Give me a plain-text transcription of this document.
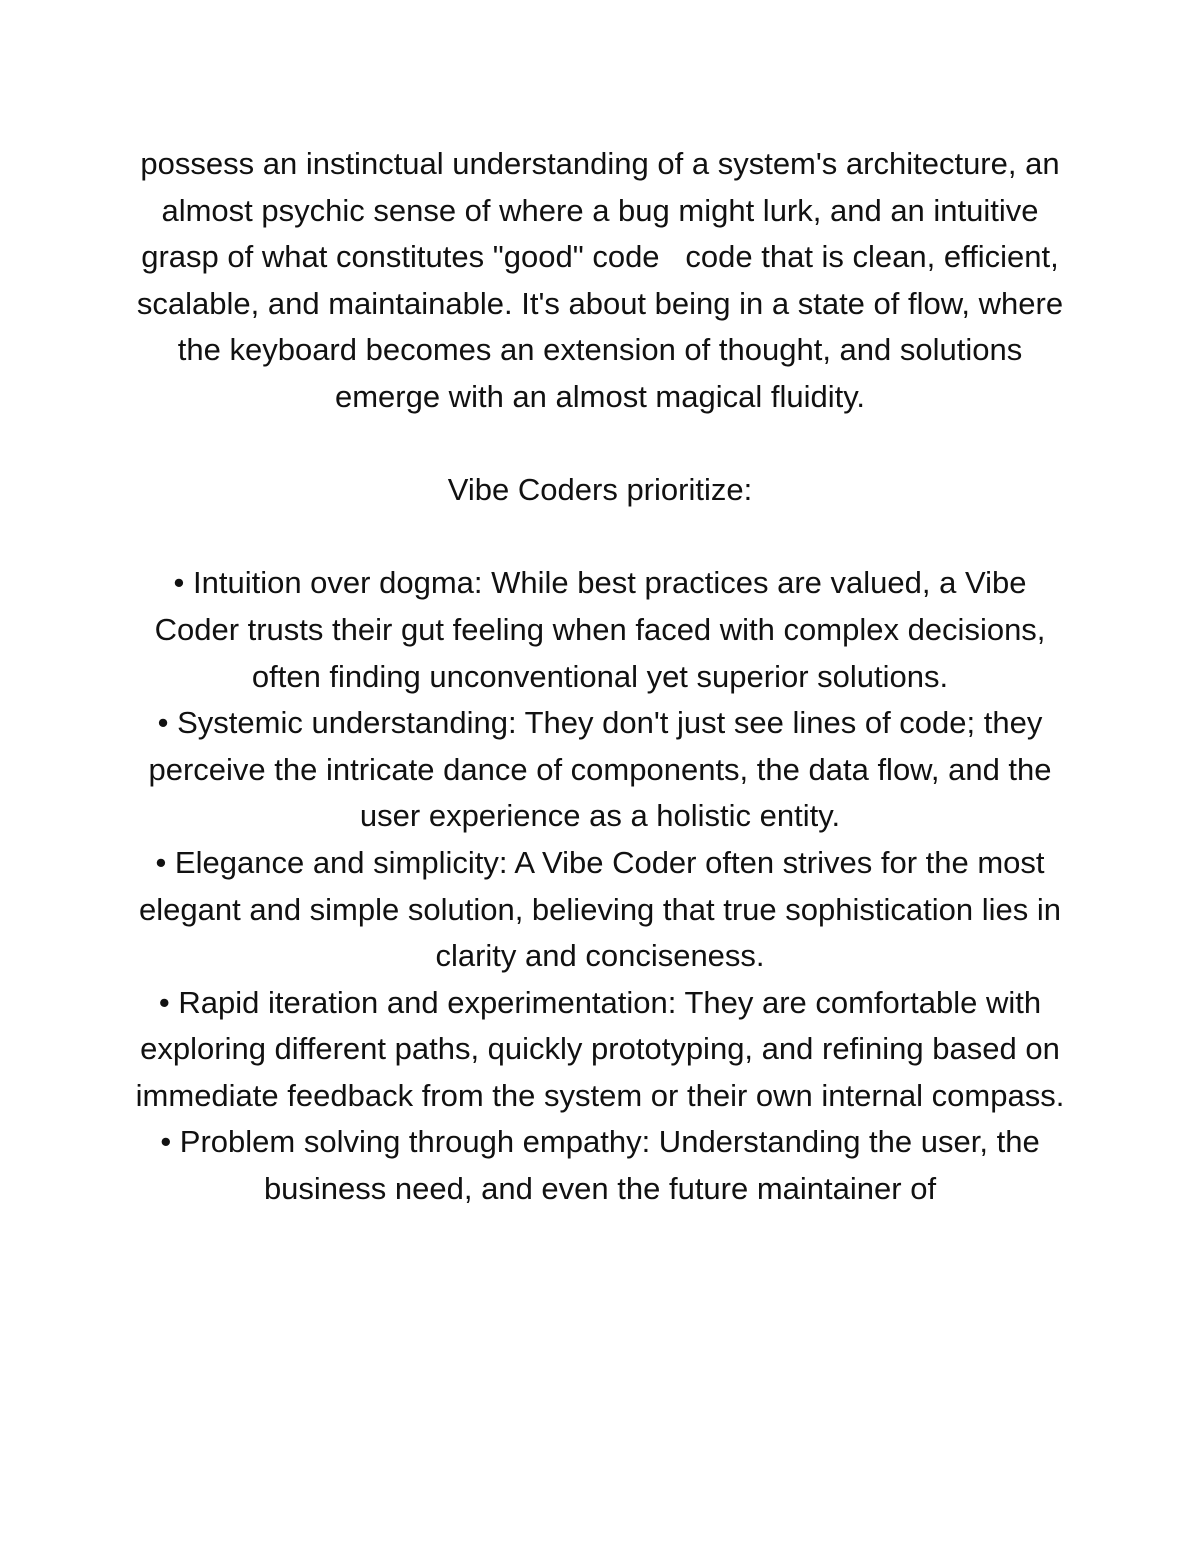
possess an instinctual understanding of a system's architecture, an almost psychic sense of where a bug might lurk, and an intuitive grasp of what constitutes "good" code   code that is clean, efficient, scalable, and maintainable. It's about being in a state of flow, where the keyboard becomes an extension of thought, and solutions emerge with an almost magical fluidity.

Vibe Coders prioritize:

• Intuition over dogma: While best practices are valued, a Vibe Coder trusts their gut feeling when faced with complex decisions, often finding unconventional yet superior solutions.
• Systemic understanding: They don't just see lines of code; they perceive the intricate dance of components, the data flow, and the user experience as a holistic entity.
• Elegance and simplicity: A Vibe Coder often strives for the most elegant and simple solution, believing that true sophistication lies in clarity and conciseness.
• Rapid iteration and experimentation: They are comfortable with exploring different paths, quickly prototyping, and refining based on immediate feedback from the system or their own internal compass.
• Problem solving through empathy: Understanding the user, the business need, and even the future maintainer of
